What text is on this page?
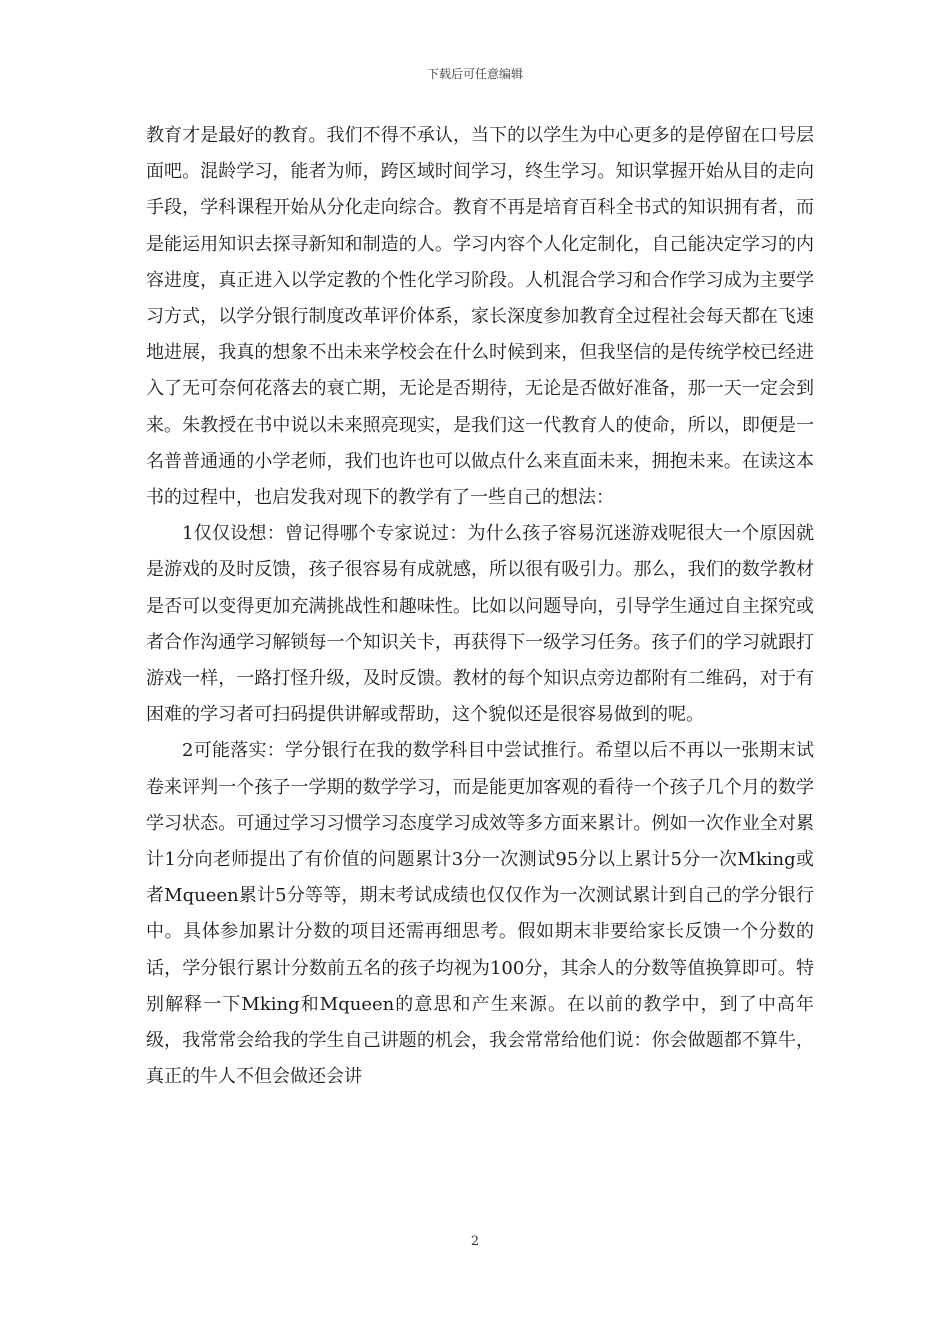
下载后可任意编辑

教育才是最好的教育。我们不得不承认，当下的以学生为中心更多的是停留在口号层面吧。混龄学习，能者为师，跨区域时间学习，终生学习。知识掌握开始从目的走向手段，学科课程开始从分化走向综合。教育不再是培育百科全书式的知识拥有者，而是能运用知识去探寻新知和制造的人。学习内容个人化定制化，自己能决定学习的内容进度，真正进入以学定教的个性化学习阶段。人机混合学习和合作学习成为主要学习方式，以学分银行制度改革评价体系，家长深度参加教育全过程社会每天都在飞速地进展，我真的想象不出未来学校会在什么时候到来，但我坚信的是传统学校已经进入了无可奈何花落去的衰亡期，无论是否期待，无论是否做好准备，那一天一定会到来。朱教授在书中说以未来照亮现实，是我们这一代教育人的使命，所以，即便是一名普普通通的小学老师，我们也许也可以做点什么来直面未来，拥抱未来。在读这本书的过程中，也启发我对现下的教学有了一些自己的想法：

1仅仅设想：曾记得哪个专家说过：为什么孩子容易沉迷游戏呢很大一个原因就是游戏的及时反馈，孩子很容易有成就感，所以很有吸引力。那么，我们的数学教材是否可以变得更加充满挑战性和趣味性。比如以问题导向，引导学生通过自主探究或者合作沟通学习解锁每一个知识关卡，再获得下一级学习任务。孩子们的学习就跟打游戏一样，一路打怪升级，及时反馈。教材的每个知识点旁边都附有二维码，对于有困难的学习者可扫码提供讲解或帮助，这个貌似还是很容易做到的呢。

2可能落实：学分银行在我的数学科目中尝试推行。希望以后不再以一张期末试卷来评判一个孩子一学期的数学学习，而是能更加客观的看待一个孩子几个月的数学学习状态。可通过学习习惯学习态度学习成效等多方面来累计。例如一次作业全对累计1分向老师提出了有价值的问题累计3分一次测试95分以上累计5分一次Mking或者Mqueen累计5分等等，期末考试成绩也仅仅作为一次测试累计到自己的学分银行中。具体参加累计分数的项目还需再细思考。假如期末非要给家长反馈一个分数的话，学分银行累计分数前五名的孩子均视为100分，其余人的分数等值换算即可。特别解释一下Mking和Mqueen的意思和产生来源。在以前的教学中，到了中高年级，我常常会给我的学生自己讲题的机会，我会常常给他们说：你会做题都不算牛，真正的牛人不但会做还会讲

2
